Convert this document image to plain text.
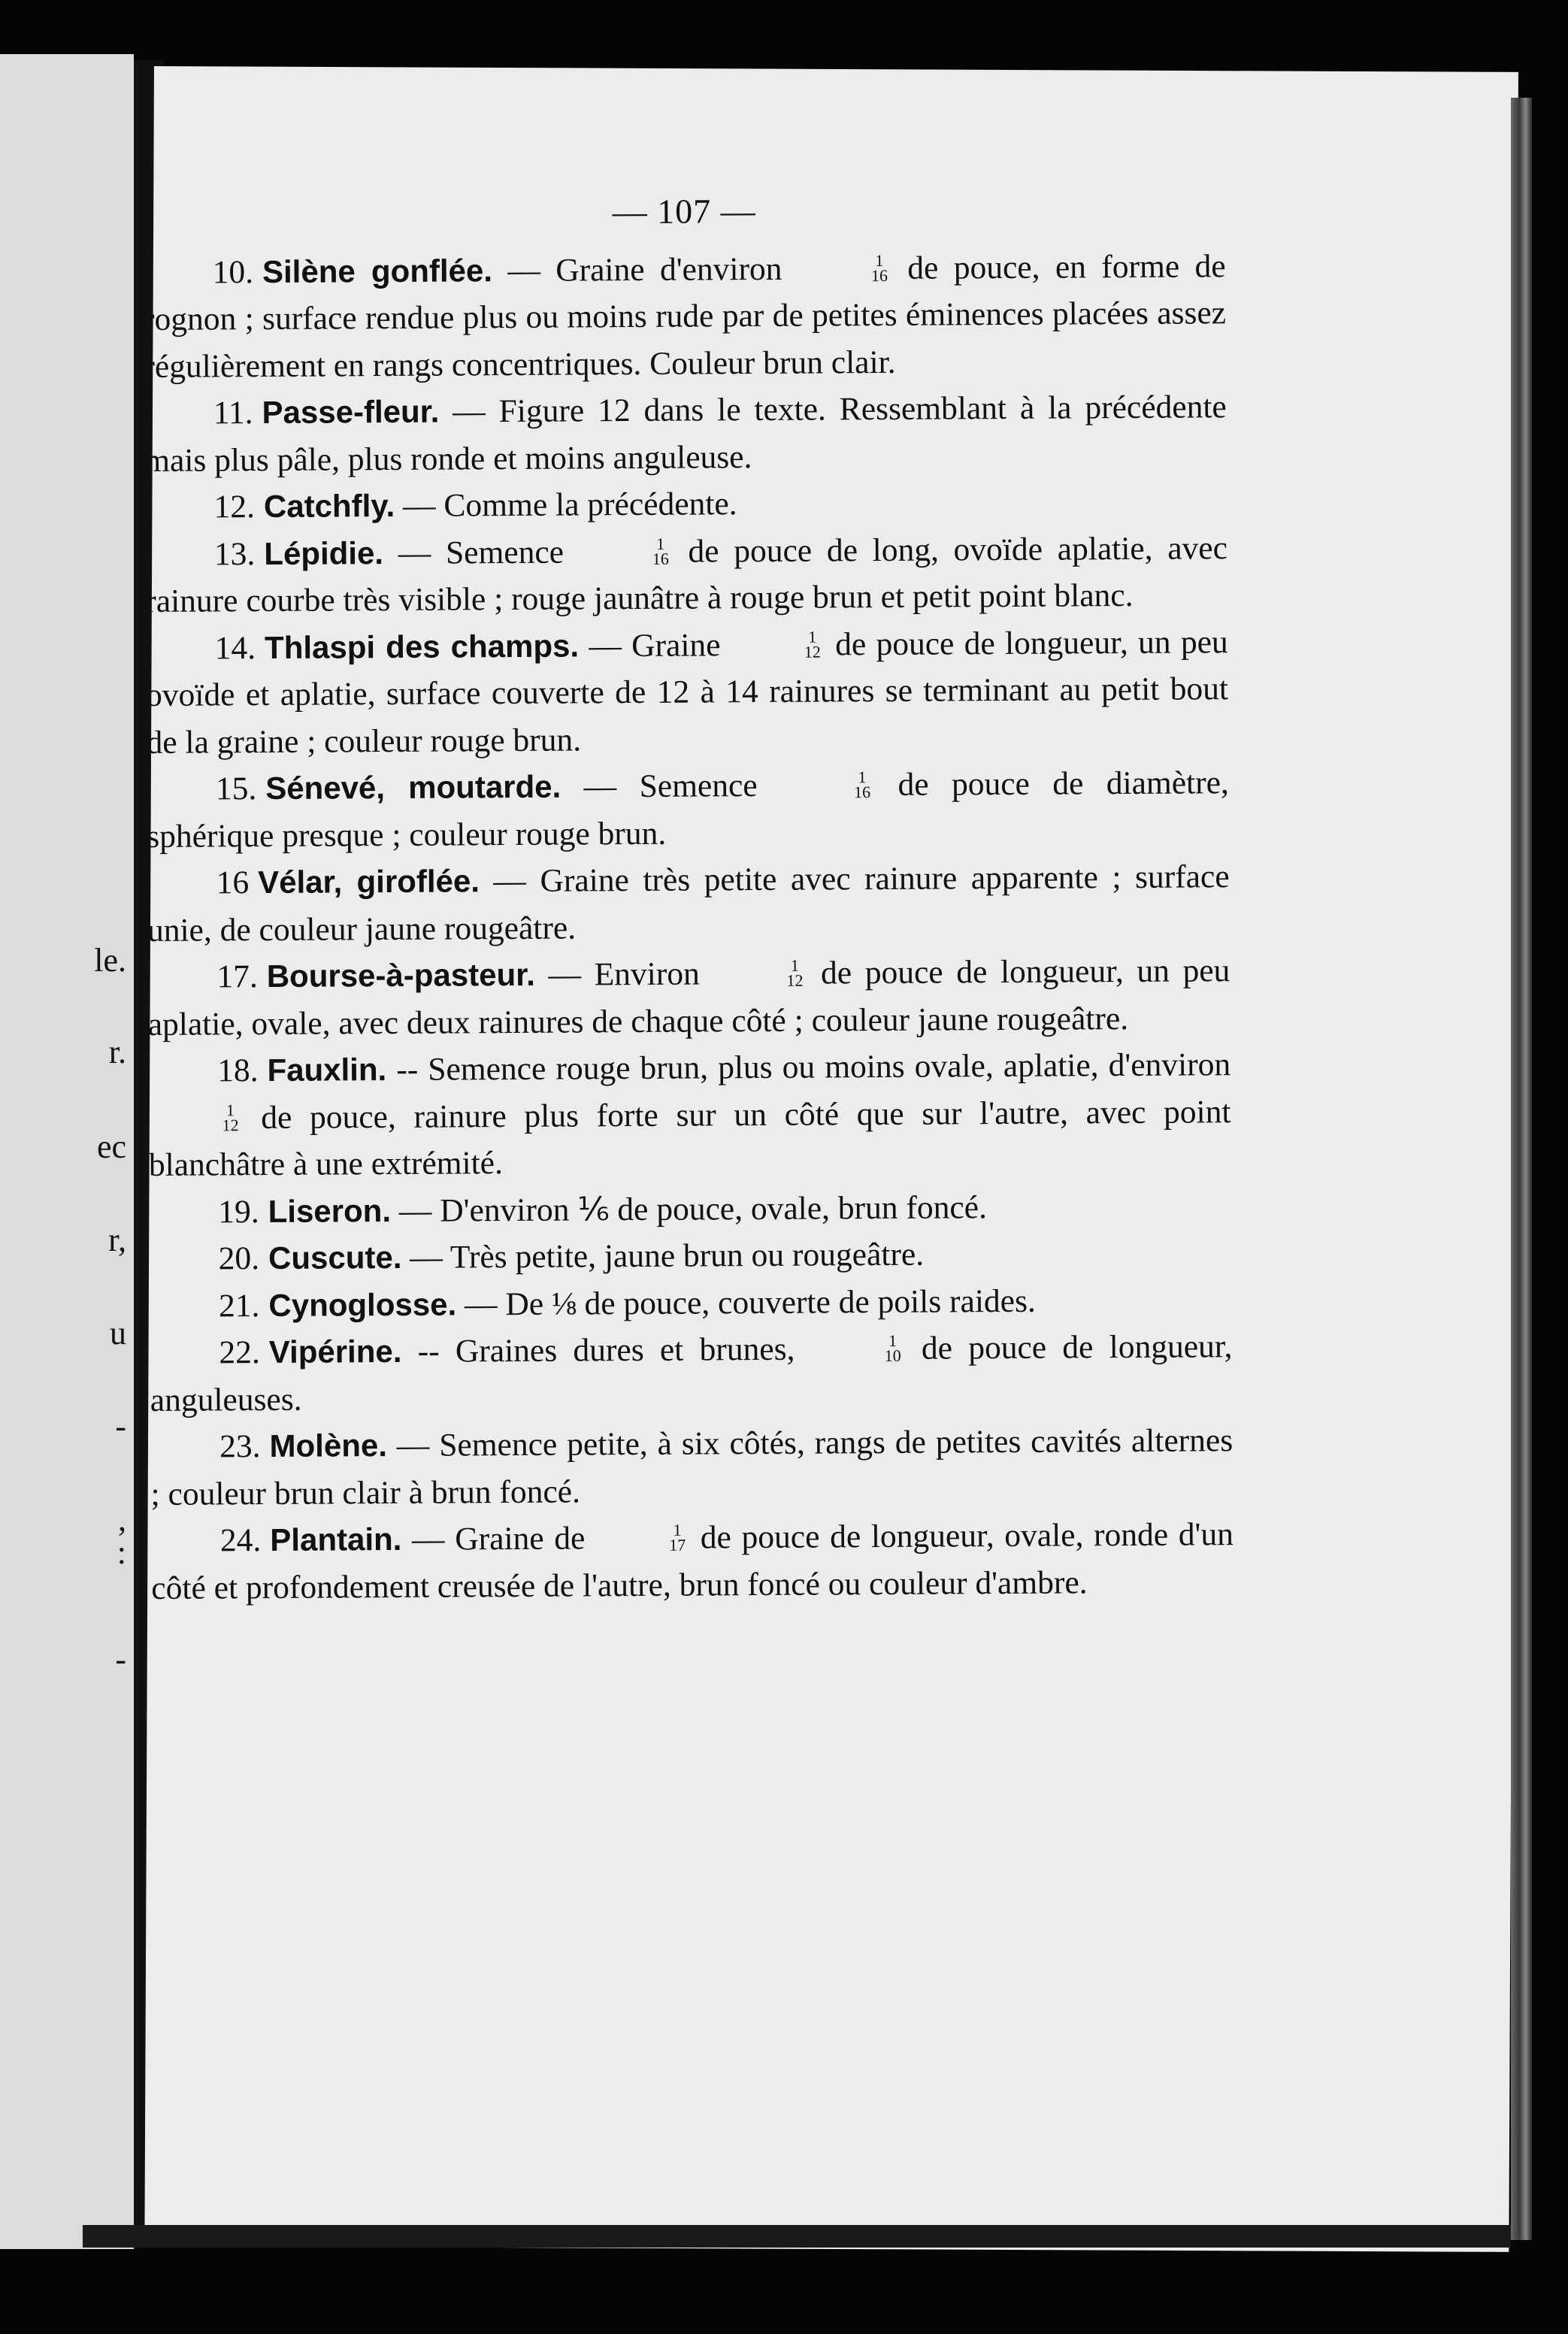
le.
r.
ec
r,
u
-
,
:
-
— 107 —
10. Silène gonflée. — Graine d'environ	1
16 de pouce, en forme de rognon ; surface rendue plus ou moins rude par de petites éminences placées assez régulièrement en rangs concentriques. Couleur brun clair.
11. Passe-fleur. — Figure 12 dans le texte. Ressemblant à la précédente mais plus pâle, plus ronde et moins anguleuse.
12. Catchfly. — Comme la précédente.
13. Lépidie. — Semence	1
16 de pouce de long, ovoïde aplatie, avec rainure courbe très visible ; rouge jaunâtre à rouge brun et petit point blanc.
14. Thlaspi des champs. — Graine	1
12 de pouce de longueur, un peu ovoïde et aplatie, surface couverte de 12 à 14 rainures se terminant au petit bout de la graine ; couleur rouge brun.
15. Sénevé, moutarde. — Semence	1
16 de pouce de diamètre, sphérique presque ; couleur rouge brun.
16 Vélar, giroflée. — Graine très petite avec rainure apparente ; surface unie, de couleur jaune rougeâtre.
17. Bourse-à-pasteur. — Environ	1
12 de pouce de longueur, un peu aplatie, ovale, avec deux rainures de chaque côté ; couleur jaune rougeâtre.
18. Fauxlin. -- Semence rouge brun, plus ou moins ovale, aplatie, d'environ
1
12 de pouce, rainure plus forte sur un côté que sur l'autre, avec point blanchâtre à une extrémité.
19. Liseron. — D'environ ⅙ de pouce, ovale, brun foncé.
20. Cuscute. — Très petite, jaune brun ou rougeâtre.
21. Cynoglosse. — De ⅛ de pouce, couverte de poils raides.
22. Vipérine. -- Graines dures et brunes,	1
10 de pouce de longueur, anguleuses.
23. Molène. — Semence petite, à six côtés, rangs de petites cavités alternes ; couleur brun clair à brun foncé.
24. Plantain. — Graine de	1
17 de pouce de longueur, ovale, ronde d'un côté et profondement creusée de l'autre, brun foncé ou couleur d'ambre.
